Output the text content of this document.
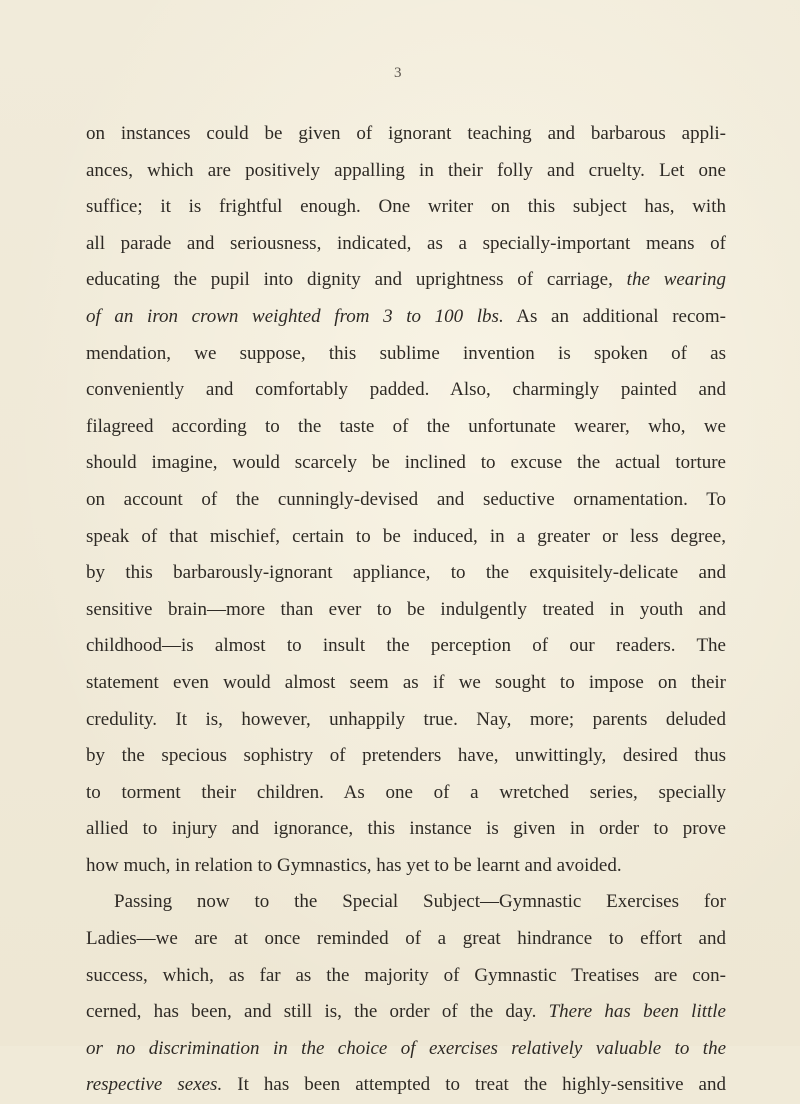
3
on instances could be given of ignorant teaching and barbarous appli-
ances, which are positively appalling in their folly and cruelty. Let one
suffice; it is frightful enough. One writer on this subject has, with
all parade and seriousness, indicated, as a specially-important means of
educating the pupil into dignity and uprightness of carriage, the wearing
of an iron crown weighted from 3 to 100 lbs. As an additional recom-
mendation, we suppose, this sublime invention is spoken of as
conveniently and comfortably padded. Also, charmingly painted and
filagreed according to the taste of the unfortunate wearer, who, we
should imagine, would scarcely be inclined to excuse the actual torture
on account of the cunningly-devised and seductive ornamentation. To
speak of that mischief, certain to be induced, in a greater or less degree,
by this barbarously-ignorant appliance, to the exquisitely-delicate and
sensitive brain—more than ever to be indulgently treated in youth and
childhood—is almost to insult the perception of our readers. The
statement even would almost seem as if we sought to impose on their
credulity. It is, however, unhappily true. Nay, more; parents deluded
by the specious sophistry of pretenders have, unwittingly, desired thus
to torment their children. As one of a wretched series, specially
allied to injury and ignorance, this instance is given in order to prove
how much, in relation to Gymnastics, has yet to be learnt and avoided.
Passing now to the Special Subject—Gymnastic Exercises for
Ladies—we are at once reminded of a great hindrance to effort and
success, which, as far as the majority of Gymnastic Treatises are con-
cerned, has been, and still is, the order of the day. There has been little
or no discrimination in the choice of exercises relatively valuable to the
respective sexes. It has been attempted to treat the highly-sensitive and
